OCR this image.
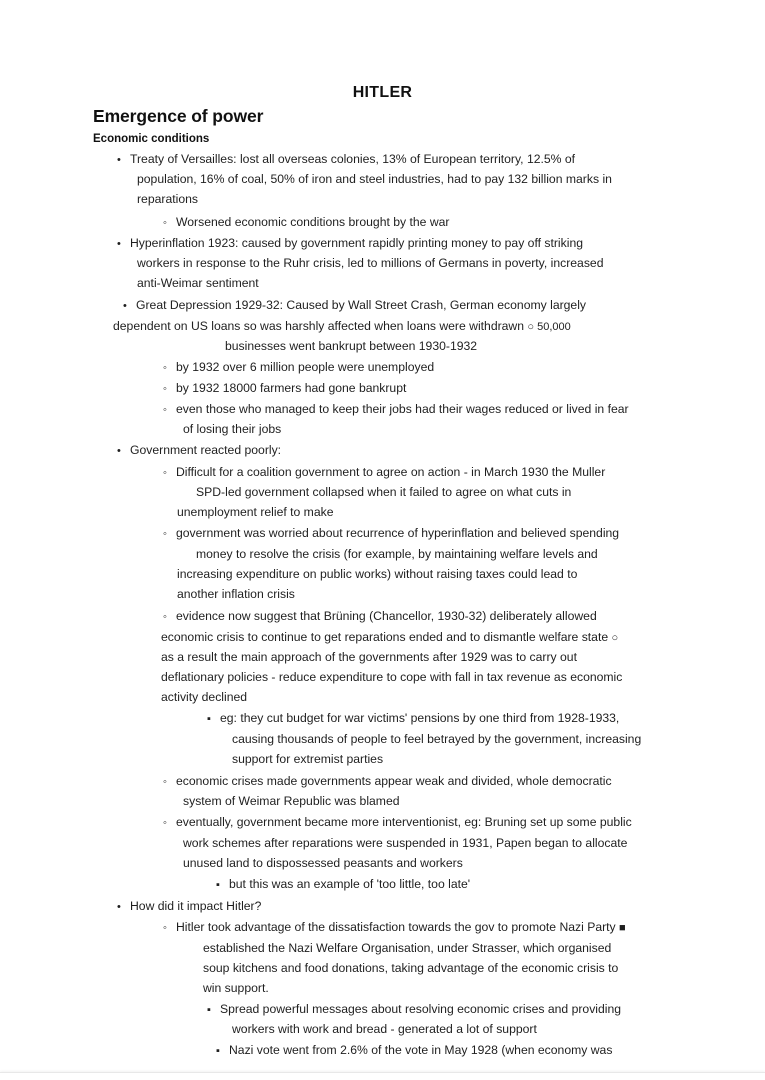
HITLER
Emergence of power
Economic conditions
•Treaty of Versailles: lost all overseas colonies, 13% of European territory, 12.5% of
population, 16% of coal, 50% of iron and steel industries, had to pay 132 billion marks in
reparations
◦Worsened economic conditions brought by the war
•Hyperinflation 1923: caused by government rapidly printing money to pay off striking
workers in response to the Ruhr crisis, led to millions of Germans in poverty, increased
anti-Weimar sentiment
•Great Depression 1929-32: Caused by Wall Street Crash, German economy largely
dependent on US loans so was harshly affected when loans were withdrawn ○ 50,000
businesses went bankrupt between 1930-1932
◦by 1932 over 6 million people were unemployed
◦by 1932 18000 farmers had gone bankrupt
◦even those who managed to keep their jobs had their wages reduced or lived in fear
of losing their jobs
•Government reacted poorly:
◦Difficult for a coalition government to agree on action - in March 1930 the Muller
SPD-led government collapsed when it failed to agree on what cuts in
unemployment relief to make
◦government was worried about recurrence of hyperinflation and believed spending
money to resolve the crisis (for example, by maintaining welfare levels and
increasing expenditure on public works) without raising taxes could lead to
another inflation crisis
◦evidence now suggest that Brüning (Chancellor, 1930-32) deliberately allowed
economic crisis to continue to get reparations ended and to dismantle welfare state ○
as a result the main approach of the governments after 1929 was to carry out
deflationary policies - reduce expenditure to cope with fall in tax revenue as economic
activity declined
▪eg: they cut budget for war victims' pensions by one third from 1928-1933,
causing thousands of people to feel betrayed by the government, increasing
support for extremist parties
◦economic crises made governments appear weak and divided, whole democratic
system of Weimar Republic was blamed
◦eventually, government became more interventionist, eg: Bruning set up some public
work schemes after reparations were suspended in 1931, Papen began to allocate
unused land to dispossessed peasants and workers
▪but this was an example of 'too little, too late'
•How did it impact Hitler?
◦Hitler took advantage of the dissatisfaction towards the gov to promote Nazi Party ■
established the Nazi Welfare Organisation, under Strasser, which organised
soup kitchens and food donations, taking advantage of the economic crisis to
win support.
▪Spread powerful messages about resolving economic crises and providing
workers with work and bread - generated a lot of support
▪Nazi vote went from 2.6% of the vote in May 1928 (when economy was
